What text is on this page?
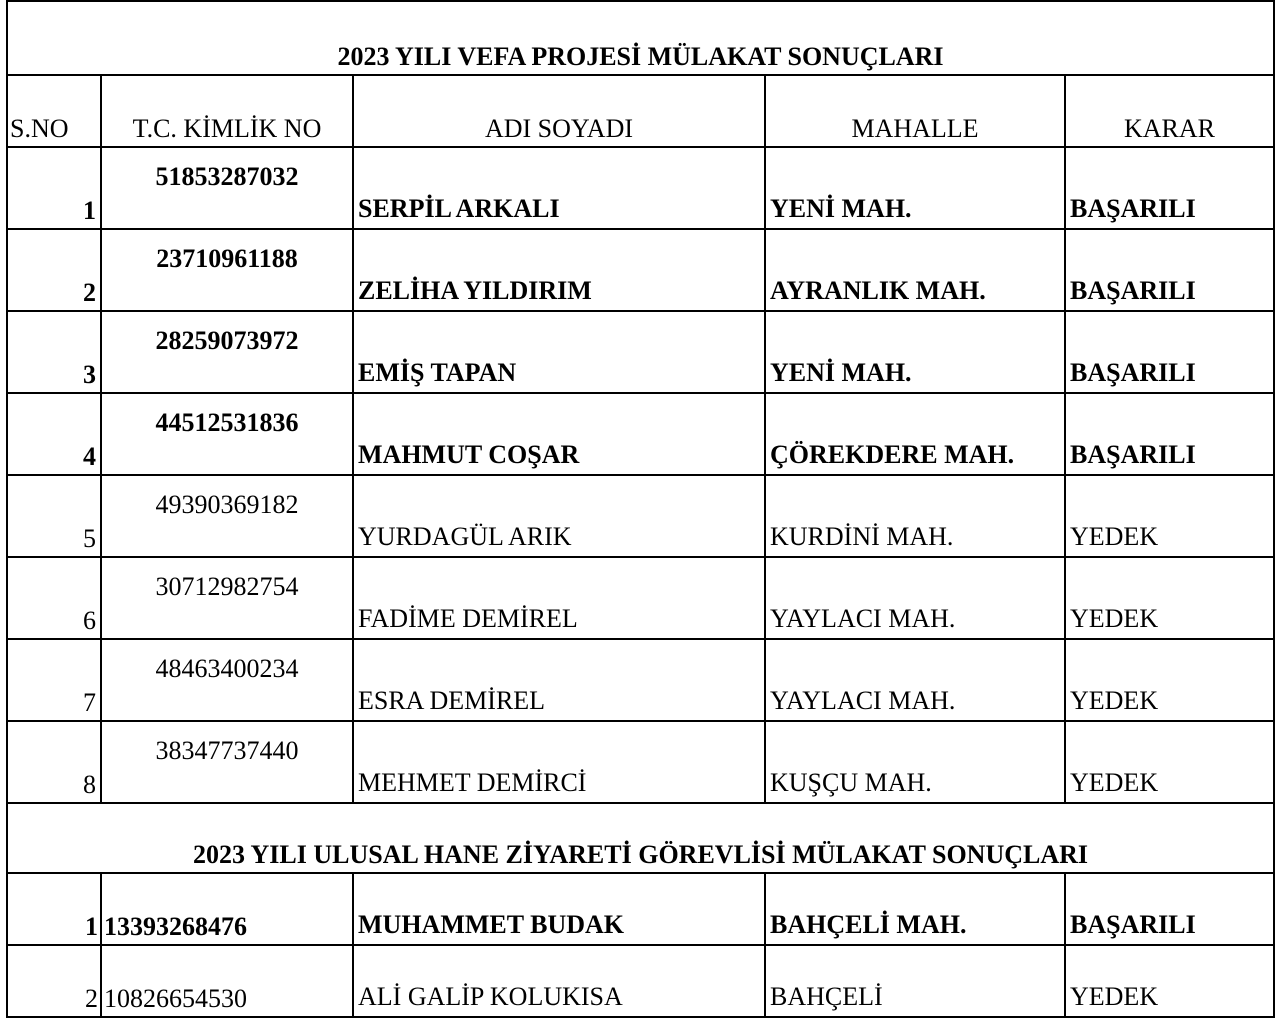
2023 YILI VEFA PROJESİ MÜLAKAT SONUÇLARI				
S.NO	T.C. KİMLİK NO	ADI SOYADI	MAHALLE	KARAR
1	51853287032	SERPİL ARKALI	YENİ MAH.	BAŞARILI
2	23710961188	ZELİHA YILDIRIM	AYRANLIK MAH.	BAŞARILI
3	28259073972	EMİŞ TAPAN	YENİ MAH.	BAŞARILI
4	44512531836	MAHMUT COŞAR	ÇÖREKDERE MAH.	BAŞARILI
5	49390369182	YURDAGÜL ARIK	KURDİNİ MAH.	YEDEK
6	30712982754	FADİME DEMİREL	YAYLACI MAH.	YEDEK
7	48463400234	ESRA DEMİREL	YAYLACI MAH.	YEDEK
8	38347737440	MEHMET DEMİRCİ	KUŞÇU MAH.	YEDEK
2023 YILI ULUSAL HANE ZİYARETİ GÖREVLİSİ MÜLAKAT SONUÇLARI				
1	13393268476	MUHAMMET BUDAK	BAHÇELİ MAH.	BAŞARILI
2	10826654530	ALİ GALİP KOLUKISA	BAHÇELİ	YEDEK
